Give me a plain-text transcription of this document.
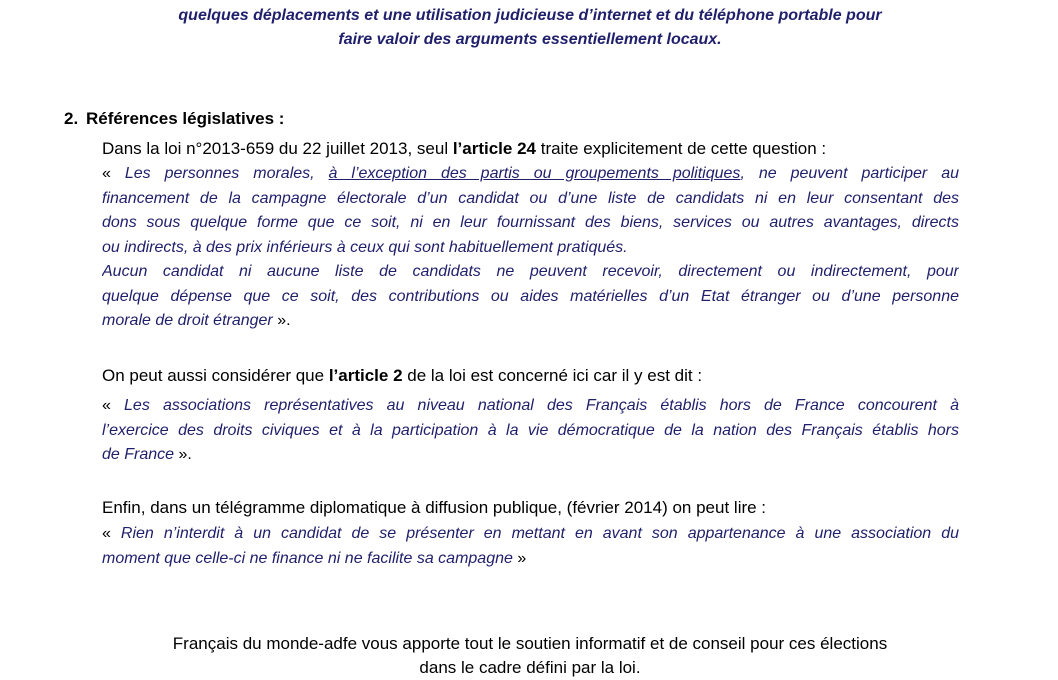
quelques déplacements et une utilisation judicieuse d’internet et du téléphone portable pour
faire valoir des arguments essentiellement locaux.
2. Références législatives :
Dans la loi n°2013-659 du 22 juillet 2013, seul l’article 24 traite explicitement de cette question :
« Les personnes morales, à l’exception des partis ou groupements politiques, ne peuvent participer au
financement de la campagne électorale d’un candidat ou d’une liste de candidats ni en leur consentant des
dons sous quelque forme que ce soit, ni en leur fournissant des biens, services ou autres avantages, directs
ou indirects, à des prix inférieurs à ceux qui sont habituellement pratiqués.
Aucun candidat ni aucune liste de candidats ne peuvent recevoir, directement ou indirectement, pour
quelque dépense que ce soit, des contributions ou aides matérielles d’un Etat étranger ou d’une personne
morale de droit étranger ».
On peut aussi considérer que l’article 2 de la loi est concerné ici car il y est dit :
« Les associations représentatives au niveau national des Français établis hors de France concourent à
l’exercice des droits civiques et à la participation à la vie démocratique de la nation des Français établis hors
de France ».
Enfin, dans un télégramme diplomatique à diffusion publique, (février 2014) on peut lire :
« Rien n’interdit à un candidat de se présenter en mettant en avant son appartenance à une association du
moment que celle-ci ne finance ni ne facilite sa campagne »
Français du monde-adfe vous apporte tout le soutien informatif et de conseil pour ces élections
dans le cadre défini par la loi.
